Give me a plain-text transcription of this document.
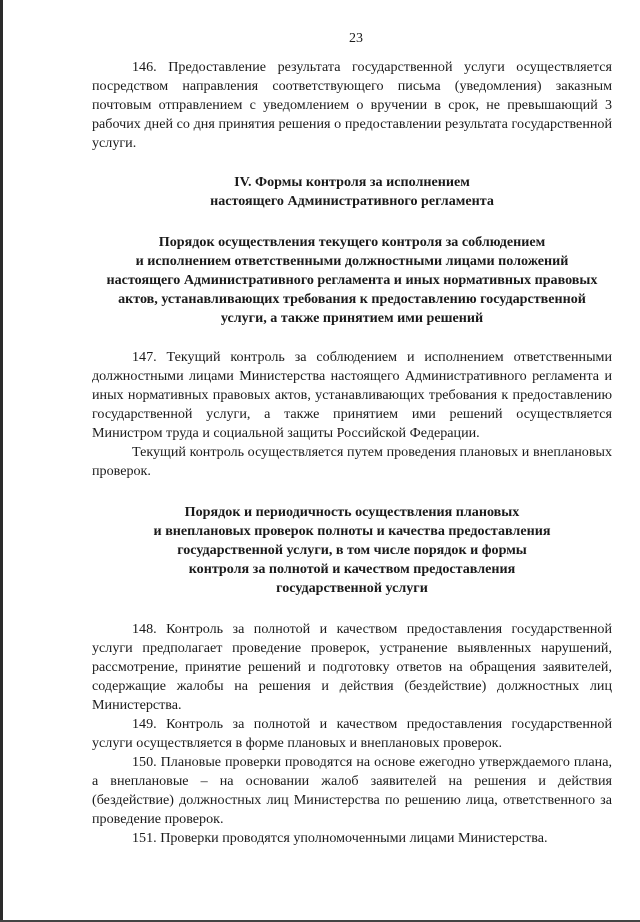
23

146. Предоставление результата государственной услуги осуществляется посредством направления соответствующего письма (уведомления) заказным почтовым отправлением с уведомлением о вручении в срок, не превышающий 3 рабочих дней со дня принятия решения о предоставлении результата государственной услуги.

IV. Формы контроля за исполнением
настоящего Административного регламента
Порядок осуществления текущего контроля за соблюдением
и исполнением ответственными должностными лицами положений
настоящего Административного регламента и иных нормативных правовых
актов, устанавливающих требования к предоставлению государственной
услуги, а также принятием ими решений

147. Текущий контроль за соблюдением и исполнением ответственными должностными лицами Министерства настоящего Административного регламента и иных нормативных правовых актов, устанавливающих требования к предоставлению государственной услуги, а также принятием ими решений осуществляется Министром труда и социальной защиты Российской Федерации.

Текущий контроль осуществляется путем проведения плановых и внеплановых проверок.

Порядок и периодичность осуществления плановых
и внеплановых проверок полноты и качества предоставления
государственной услуги, в том числе порядок и формы
контроля за полнотой и качеством предоставления
государственной услуги

148. Контроль за полнотой и качеством предоставления государственной услуги предполагает проведение проверок, устранение выявленных нарушений, рассмотрение, принятие решений и подготовку ответов на обращения заявителей, содержащие жалобы на решения и действия (бездействие) должностных лиц Министерства.

149. Контроль за полнотой и качеством предоставления государственной услуги осуществляется в форме плановых и внеплановых проверок.

150. Плановые проверки проводятся на основе ежегодно утверждаемого плана, а внеплановые – на основании жалоб заявителей на решения и действия (бездействие) должностных лиц Министерства по решению лица, ответственного за проведение проверок.

151. Проверки проводятся уполномоченными лицами Министерства.
